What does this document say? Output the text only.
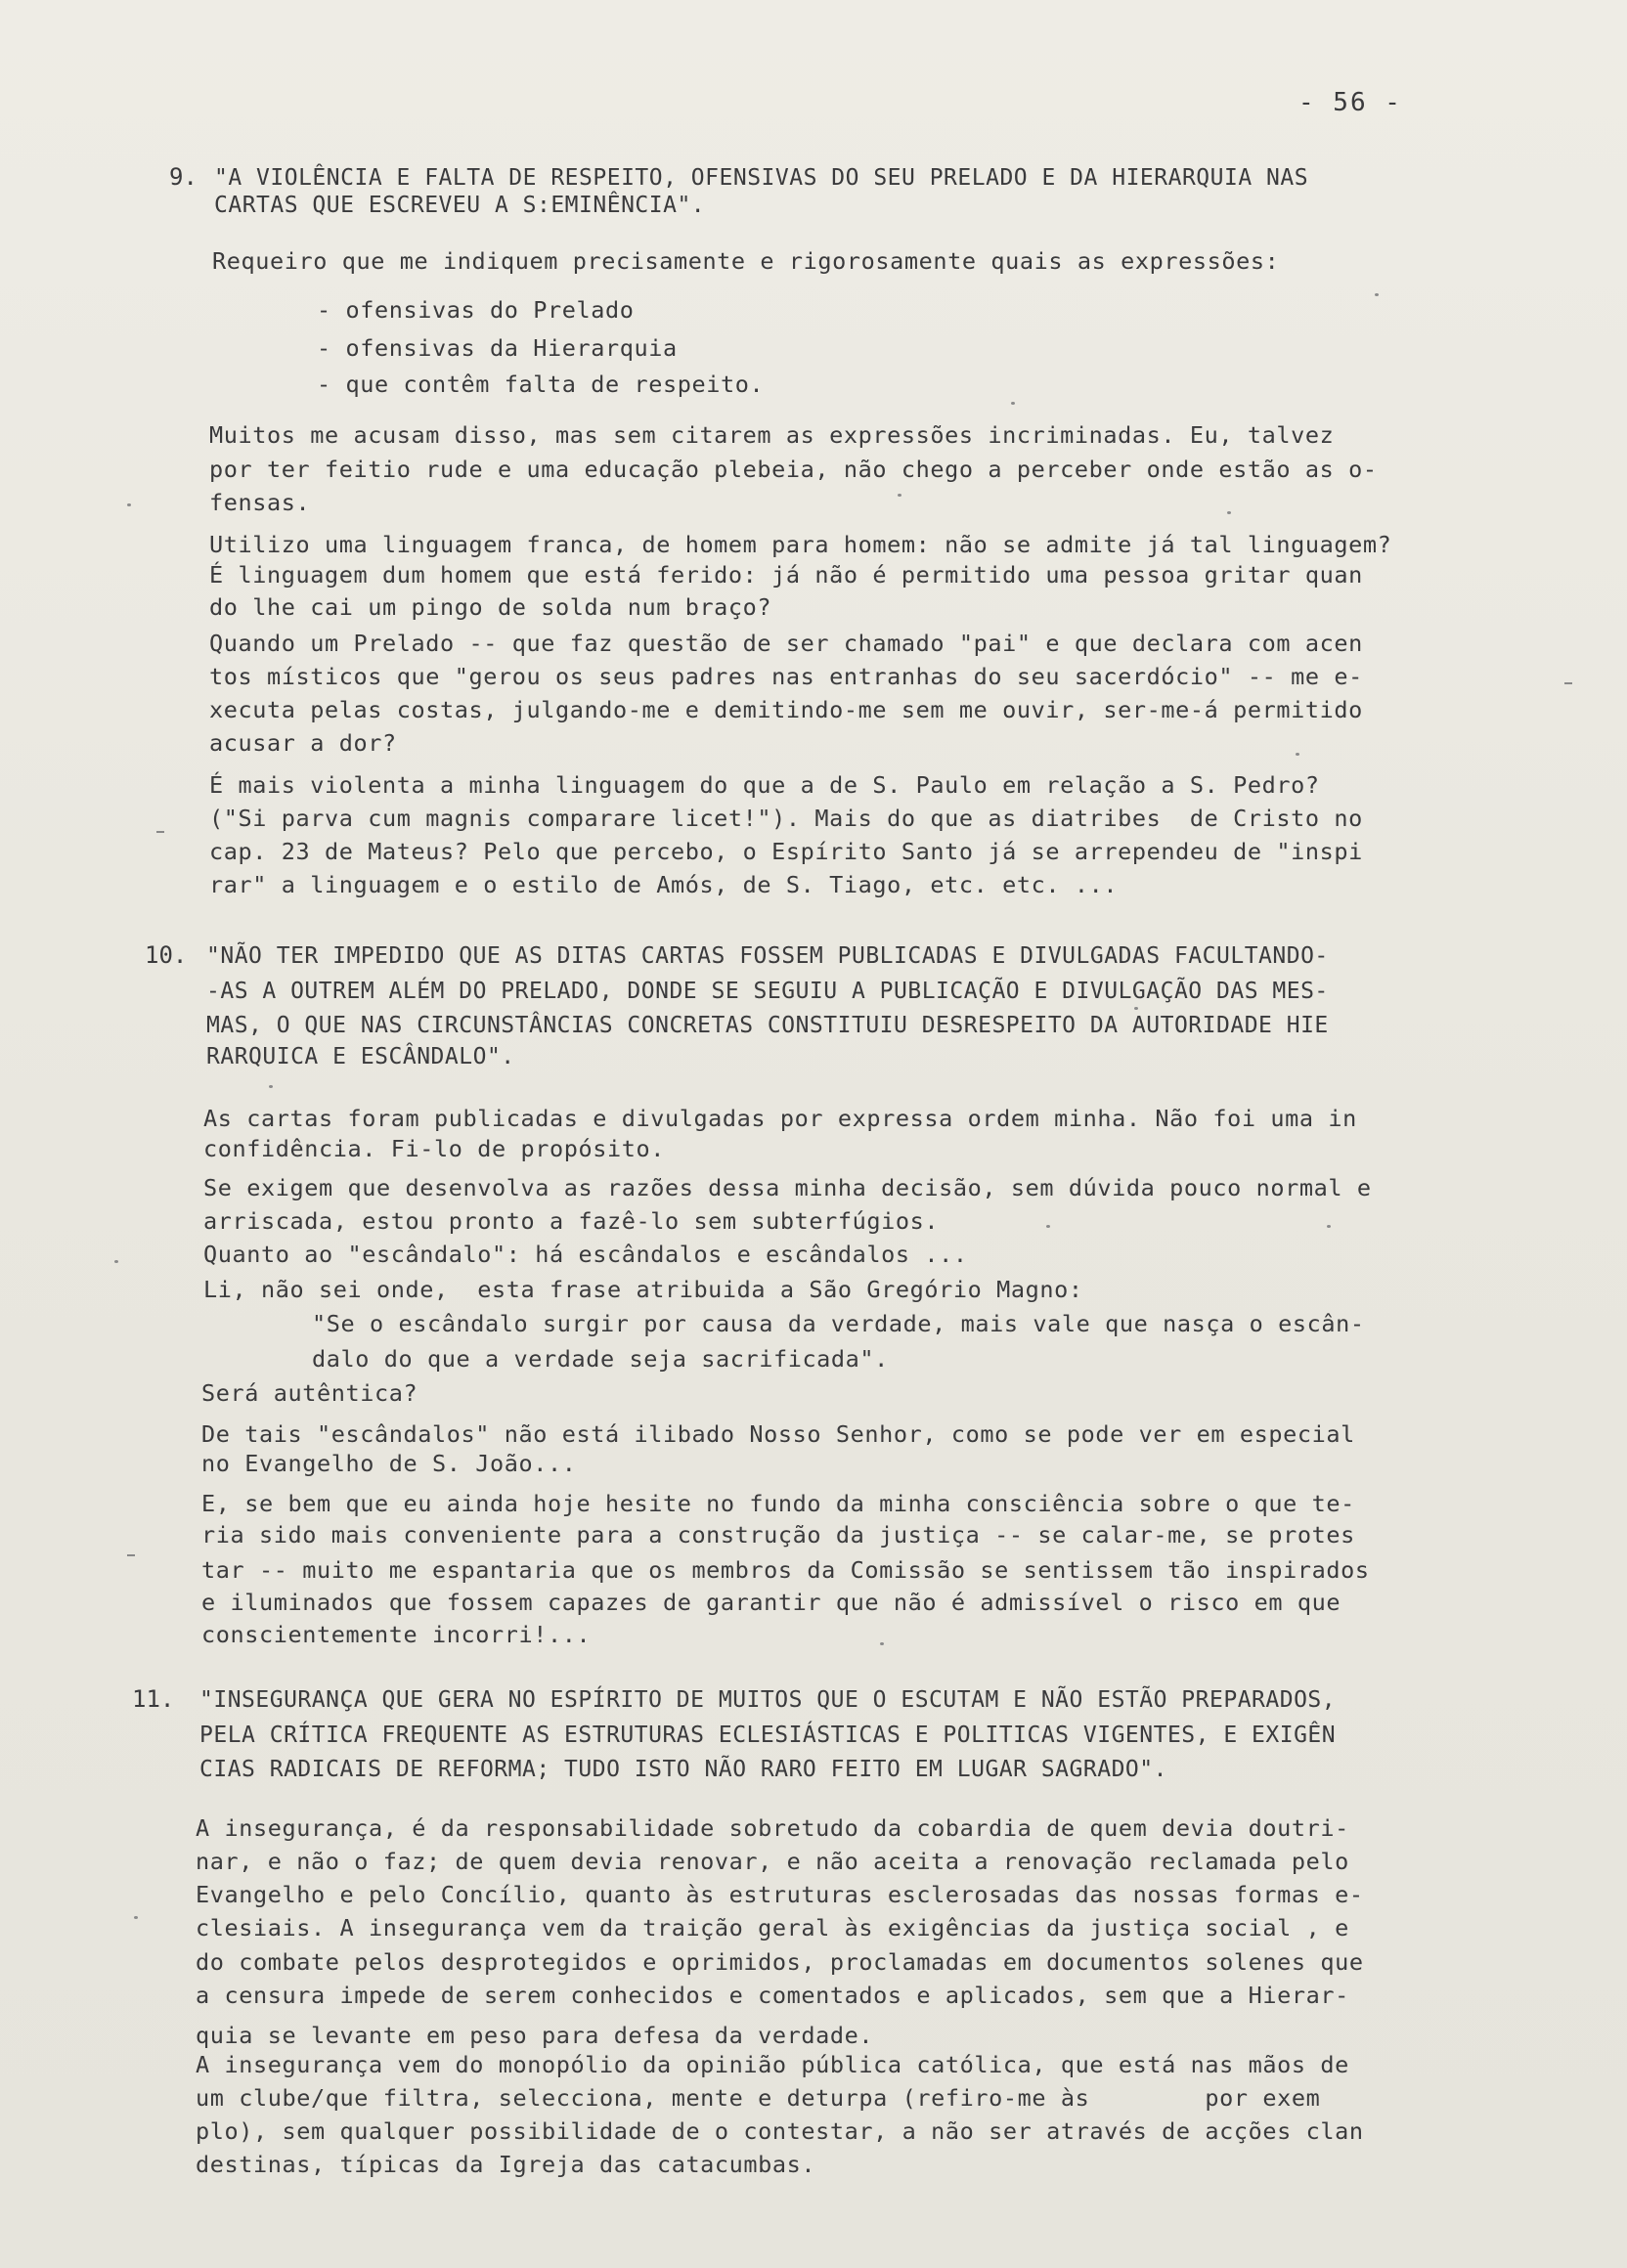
- 56 -
9. "A VIOLÊNCIA E FALTA DE RESPEITO, OFENSIVAS DO SEU PRELADO E DA HIERARQUIA NAS
CARTAS QUE ESCREVEU A S:EMINÊNCIA".
Requeiro que me indiquem precisamente e rigorosamente quais as expressões:
- ofensivas do Prelado
- ofensivas da Hierarquia
- que contêm falta de respeito.
Muitos me acusam disso, mas sem citarem as expressões incriminadas. Eu, talvez
por ter feitio rude e uma educação plebeia, não chego a perceber onde estão as o-
fensas.
Utilizo uma linguagem franca, de homem para homem: não se admite já tal linguagem?
É linguagem dum homem que está ferido: já não é permitido uma pessoa gritar quan
do lhe cai um pingo de solda num braço?
Quando um Prelado -- que faz questão de ser chamado "pai" e que declara com acen
tos místicos que "gerou os seus padres nas entranhas do seu sacerdócio" -- me e-
xecuta pelas costas, julgando-me e demitindo-me sem me ouvir, ser-me-á permitido
acusar a dor?
É mais violenta a minha linguagem do que a de S. Paulo em relação a S. Pedro?
("Si parva cum magnis comparare licet!"). Mais do que as diatribes  de Cristo no
cap. 23 de Mateus? Pelo que percebo, o Espírito Santo já se arrependeu de "inspi
rar" a linguagem e o estilo de Amós, de S. Tiago, etc. etc. ...
10. "NÃO TER IMPEDIDO QUE AS DITAS CARTAS FOSSEM PUBLICADAS E DIVULGADAS FACULTANDO-
-AS A OUTREM ALÉM DO PRELADO, DONDE SE SEGUIU A PUBLICAÇÃO E DIVULGAÇÃO DAS MES-
MAS, O QUE NAS CIRCUNSTÂNCIAS CONCRETAS CONSTITUIU DESRESPEITO DA AUTORIDADE HIE
RARQUICA E ESCÂNDALO".
As cartas foram publicadas e divulgadas por expressa ordem minha. Não foi uma in
confidência. Fi-lo de propósito.
Se exigem que desenvolva as razões dessa minha decisão, sem dúvida pouco normal e
arriscada, estou pronto a fazê-lo sem subterfúgios.
Quanto ao "escândalo": há escândalos e escândalos ...
Li, não sei onde,  esta frase atribuida a São Gregório Magno:
"Se o escândalo surgir por causa da verdade, mais vale que nasça o escân-
dalo do que a verdade seja sacrificada".
Será autêntica?
De tais "escândalos" não está ilibado Nosso Senhor, como se pode ver em especial
no Evangelho de S. João...
E, se bem que eu ainda hoje hesite no fundo da minha consciência sobre o que te-
ria sido mais conveniente para a construção da justiça -- se calar-me, se protes
tar -- muito me espantaria que os membros da Comissão se sentissem tão inspirados
e iluminados que fossem capazes de garantir que não é admissível o risco em que
conscientemente incorri!...
11. "INSEGURANÇA QUE GERA NO ESPÍRITO DE MUITOS QUE O ESCUTAM E NÃO ESTÃO PREPARADOS,
PELA CRÍTICA FREQUENTE AS ESTRUTURAS ECLESIÁSTICAS E POLITICAS VIGENTES, E EXIGÊN
CIAS RADICAIS DE REFORMA; TUDO ISTO NÃO RARO FEITO EM LUGAR SAGRADO".
A insegurança, é da responsabilidade sobretudo da cobardia de quem devia doutri-
nar, e não o faz; de quem devia renovar, e não aceita a renovação reclamada pelo
Evangelho e pelo Concílio, quanto às estruturas esclerosadas das nossas formas e-
clesiais. A insegurança vem da traição geral às exigências da justiça social , e
do combate pelos desprotegidos e oprimidos, proclamadas em documentos solenes que
a censura impede de serem conhecidos e comentados e aplicados, sem que a Hierar-
quia se levante em peso para defesa da verdade.
A insegurança vem do monopólio da opinião pública católica, que está nas mãos de
um clube/que filtra, selecciona, mente e deturpa (refiro-me às        por exem
plo), sem qualquer possibilidade de o contestar, a não ser através de acções clan
destinas, típicas da Igreja das catacumbas.
